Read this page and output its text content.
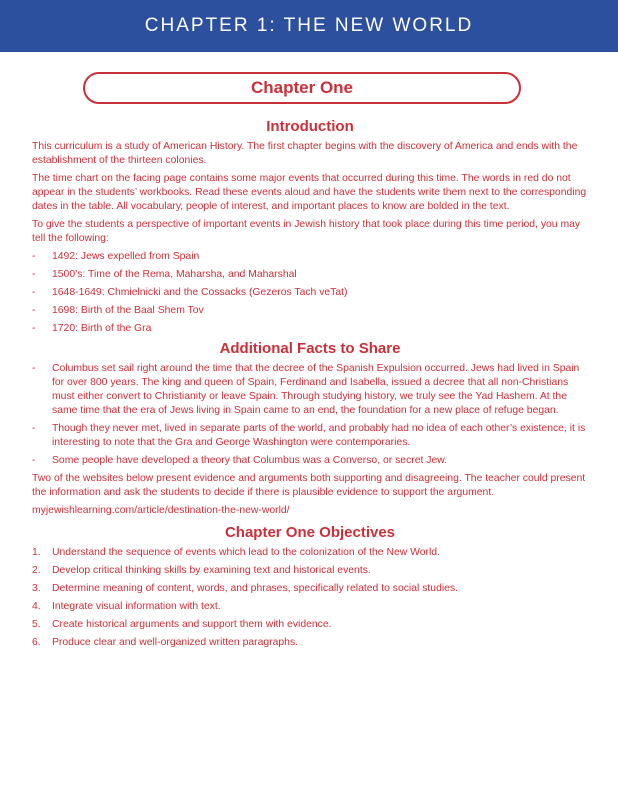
CHAPTER 1: THE NEW WORLD
Chapter One
Introduction

This curriculum is a study of American History. The first chapter begins with the discovery of America and ends with the establishment of the thirteen colonies.

The time chart on the facing page contains some major events that occurred during this time. The words in red do not appear in the students’ workbooks. Read these events aloud and have the students write them next to the corresponding dates in the table. All vocabulary, people of interest, and important places to know are bolded in the text.

To give the students a perspective of important events in Jewish history that took place during this time period, you may tell the following:

- 1492: Jews expelled from Spain
- 1500’s: Time of the Rema, Maharsha, and Maharshal
- 1648-1649: Chmielnicki and the Cossacks (Gezeros Tach veTat)
- 1698: Birth of the Baal Shem Tov
- 1720: Birth of the Gra
Additional Facts to Share
- Columbus set sail right around the time that the decree of the Spanish Expulsion occurred. Jews had lived in Spain for over 800 years. The king and queen of Spain, Ferdinand and Isabella, issued a decree that all non-Christians must either convert to Christianity or leave Spain. Through studying history, we truly see the Yad Hashem. At the same time that the era of Jews living in Spain came to an end, the foundation for a new place of refuge began.
- Though they never met, lived in separate parts of the world, and probably had no idea of each other’s existence, it is interesting to note that the Gra and George Washington were contemporaries.
- Some people have developed a theory that Columbus was a Converso, or secret Jew.

Two of the websites below present evidence and arguments both supporting and disagreeing. The teacher could present the information and ask the students to decide if there is plausible evidence to support the argument.

myjewishlearning.com/article/destination-the-new-world/

Chapter One Objectives
1. Understand the sequence of events which lead to the colonization of the New World.
2. Develop critical thinking skills by examining text and historical events.
3. Determine meaning of content, words, and phrases, specifically related to social studies.
4. Integrate visual information with text.
5. Create historical arguments and support them with evidence.
6. Produce clear and well-organized written paragraphs.
